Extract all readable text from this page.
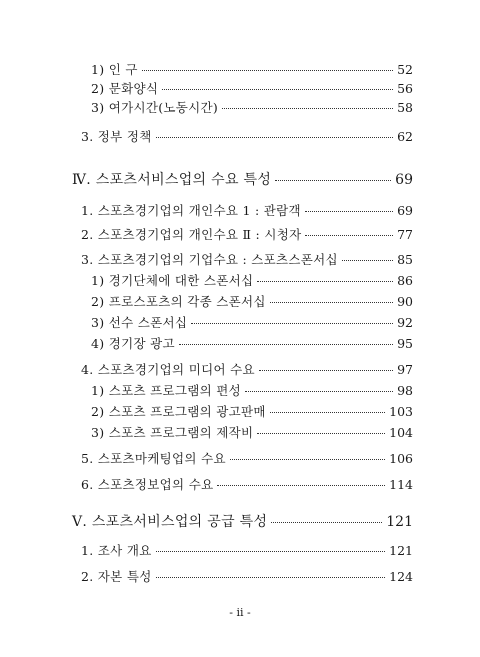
1) 인 구	52
2) 문화양식	56
3) 여가시간(노동시간)	58
3. 정부 정책	62
Ⅳ. 스포츠서비스업의 수요 특성	69
1. 스포츠경기업의 개인수요 1 : 관람객	69
2. 스포츠경기업의 개인수요 Ⅱ : 시청자	77
3. 스포츠경기업의 기업수요 : 스포츠스폰서십	85
1) 경기단체에 대한 스폰서십	86
2) 프로스포츠의 각종 스폰서십	90
3) 선수 스폰서십	92
4) 경기장 광고	95
4. 스포츠경기업의 미디어 수요	97
1) 스포츠 프로그램의 편성	98
2) 스포츠 프로그램의 광고판매	103
3) 스포츠 프로그램의 제작비	104
5. 스포츠마케팅업의 수요	106
6. 스포츠정보업의 수요	114
Ⅴ. 스포츠서비스업의 공급 특성	121
1. 조사 개요	121
2. 자본 특성	124
- ii -
